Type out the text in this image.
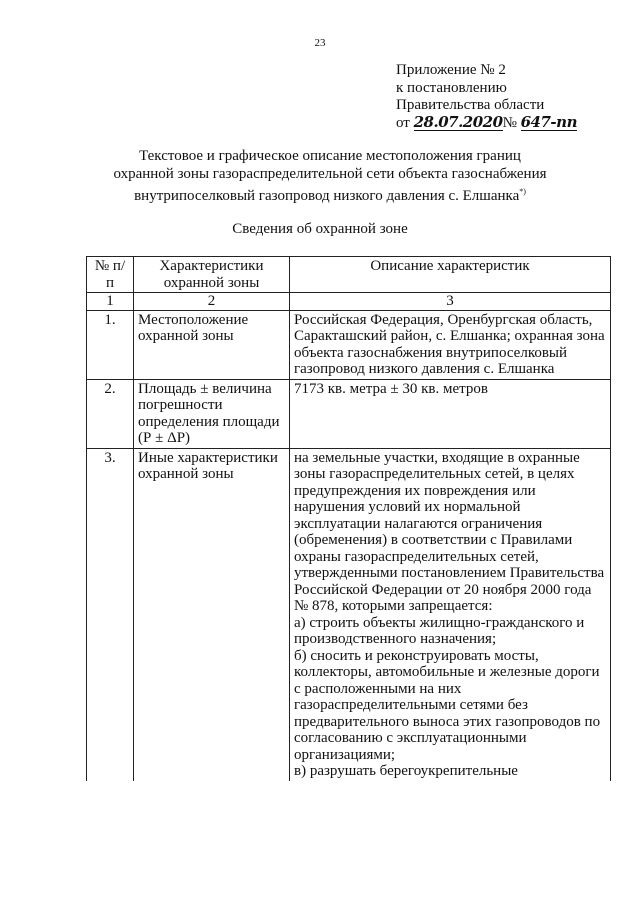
23
Приложение № 2
к постановлению
Правительства области
от 28.07.2020№ 647-пп
Текстовое и графическое описание местоположения границ
охранной зоны газораспределительной сети объекта газоснабжения
внутрипоселковый газопровод низкого давления с. Елшанка*)
Сведения об охранной зоне
№ п/п	Характеристики охранной зоны	Описание характеристик
1	2	3
1.	Местоположение охранной зоны	Российская Федерация, Оренбургская область, Саракташский район, с. Елшанка; охранная зона объекта газоснабжения внутрипоселковый газопровод низкого давления с. Елшанка
2.	Площадь ± величина погрешности определения площади (Р ± ΔР)	7173 кв. метра ± 30 кв. метров
3.	Иные характеристики охранной зоны	на земельные участки, входящие в охранные зоны газораспределительных сетей, в целях предупреждения их повреждения или нарушения условий их нормальной эксплуатации налагаются ограничения (обременения) в соответствии с Правилами охраны газораспределительных сетей, утвержденными постановлением Правительства Российской Федерации от 20 ноября 2000 года № 878, которыми запрещается:
а) строить объекты жилищно-гражданского и производственного назначения;
б) сносить и реконструировать мосты, коллекторы, автомобильные и железные дороги с расположенными на них газораспределительными сетями без предварительного выноса этих газопроводов по согласованию с эксплуатационными организациями;
в) разрушать берегоукрепительные
